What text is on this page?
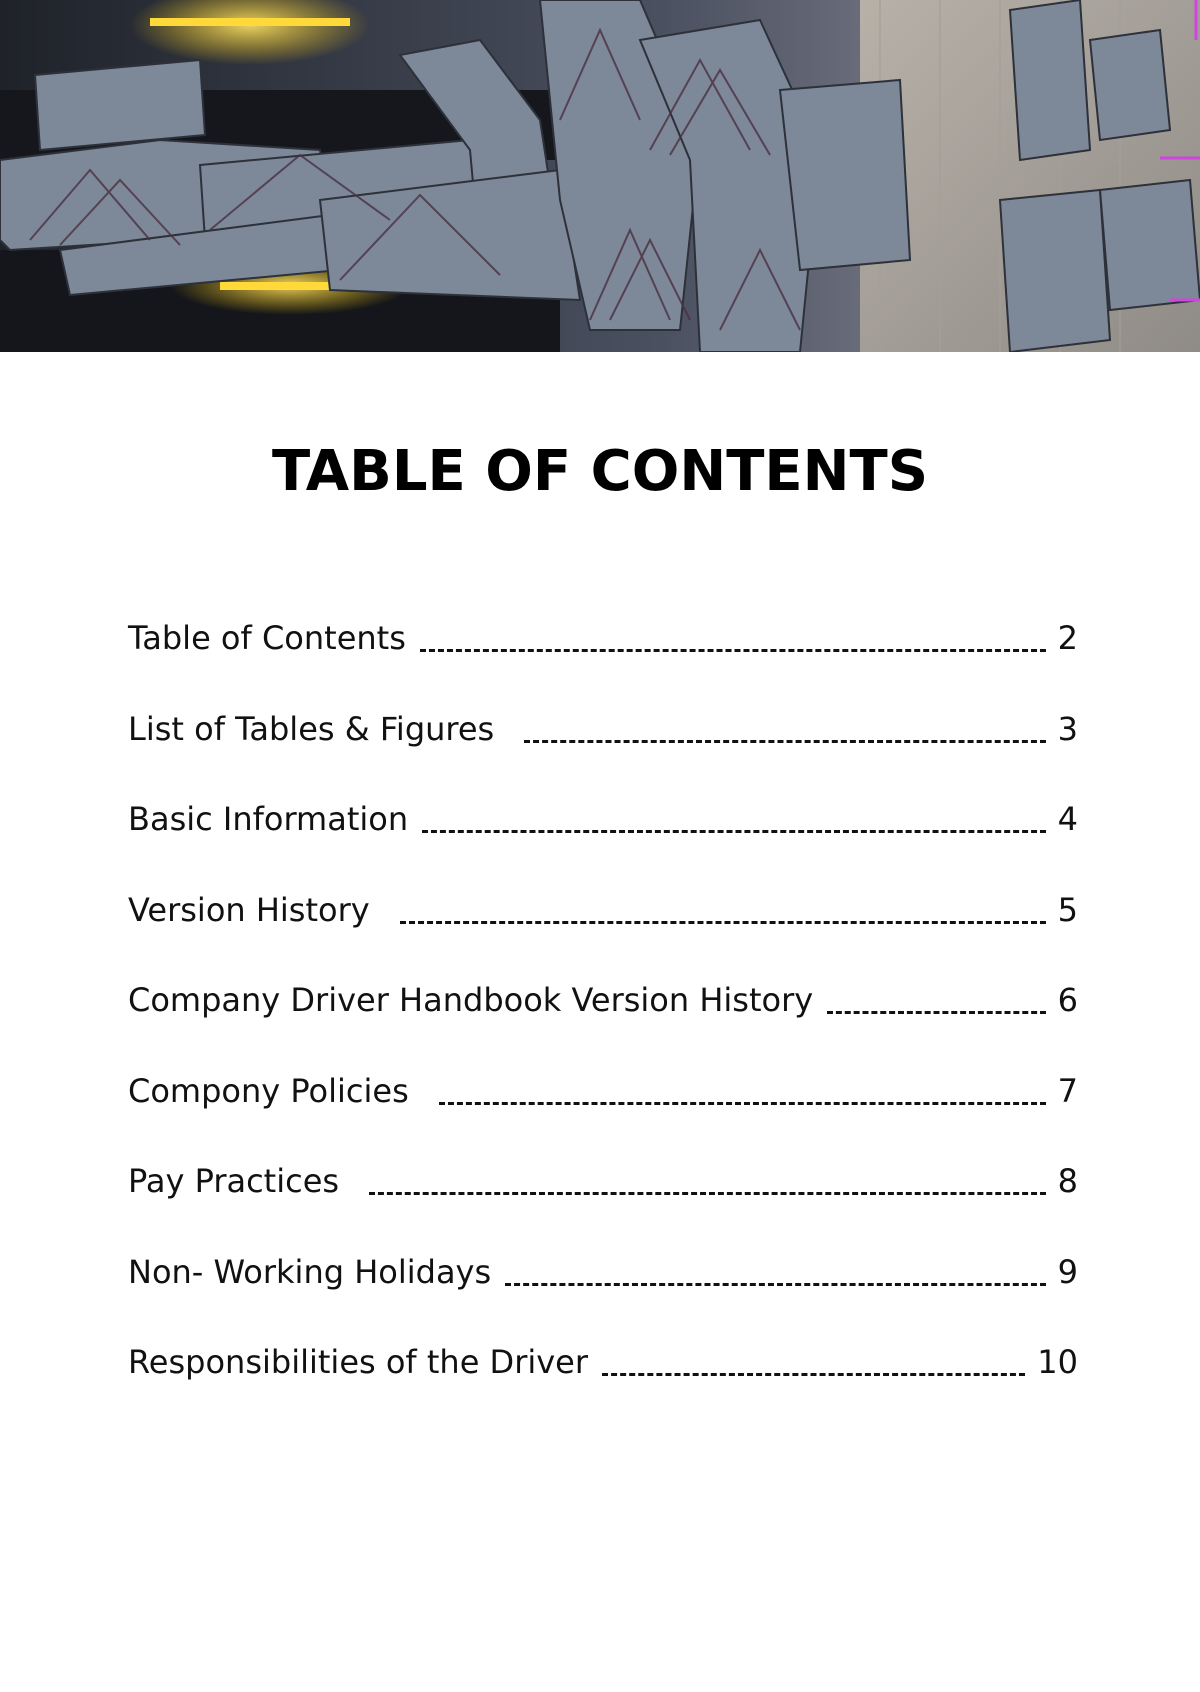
TABLE OF CONTENTS
Table of Contents	2
List of Tables & Figures	3
Basic Information	4
Version History	5
Company Driver Handbook Version History	6
Compony Policies	7
Pay Practices	8
Non- Working Holidays	9
Responsibilities of the Driver	10
